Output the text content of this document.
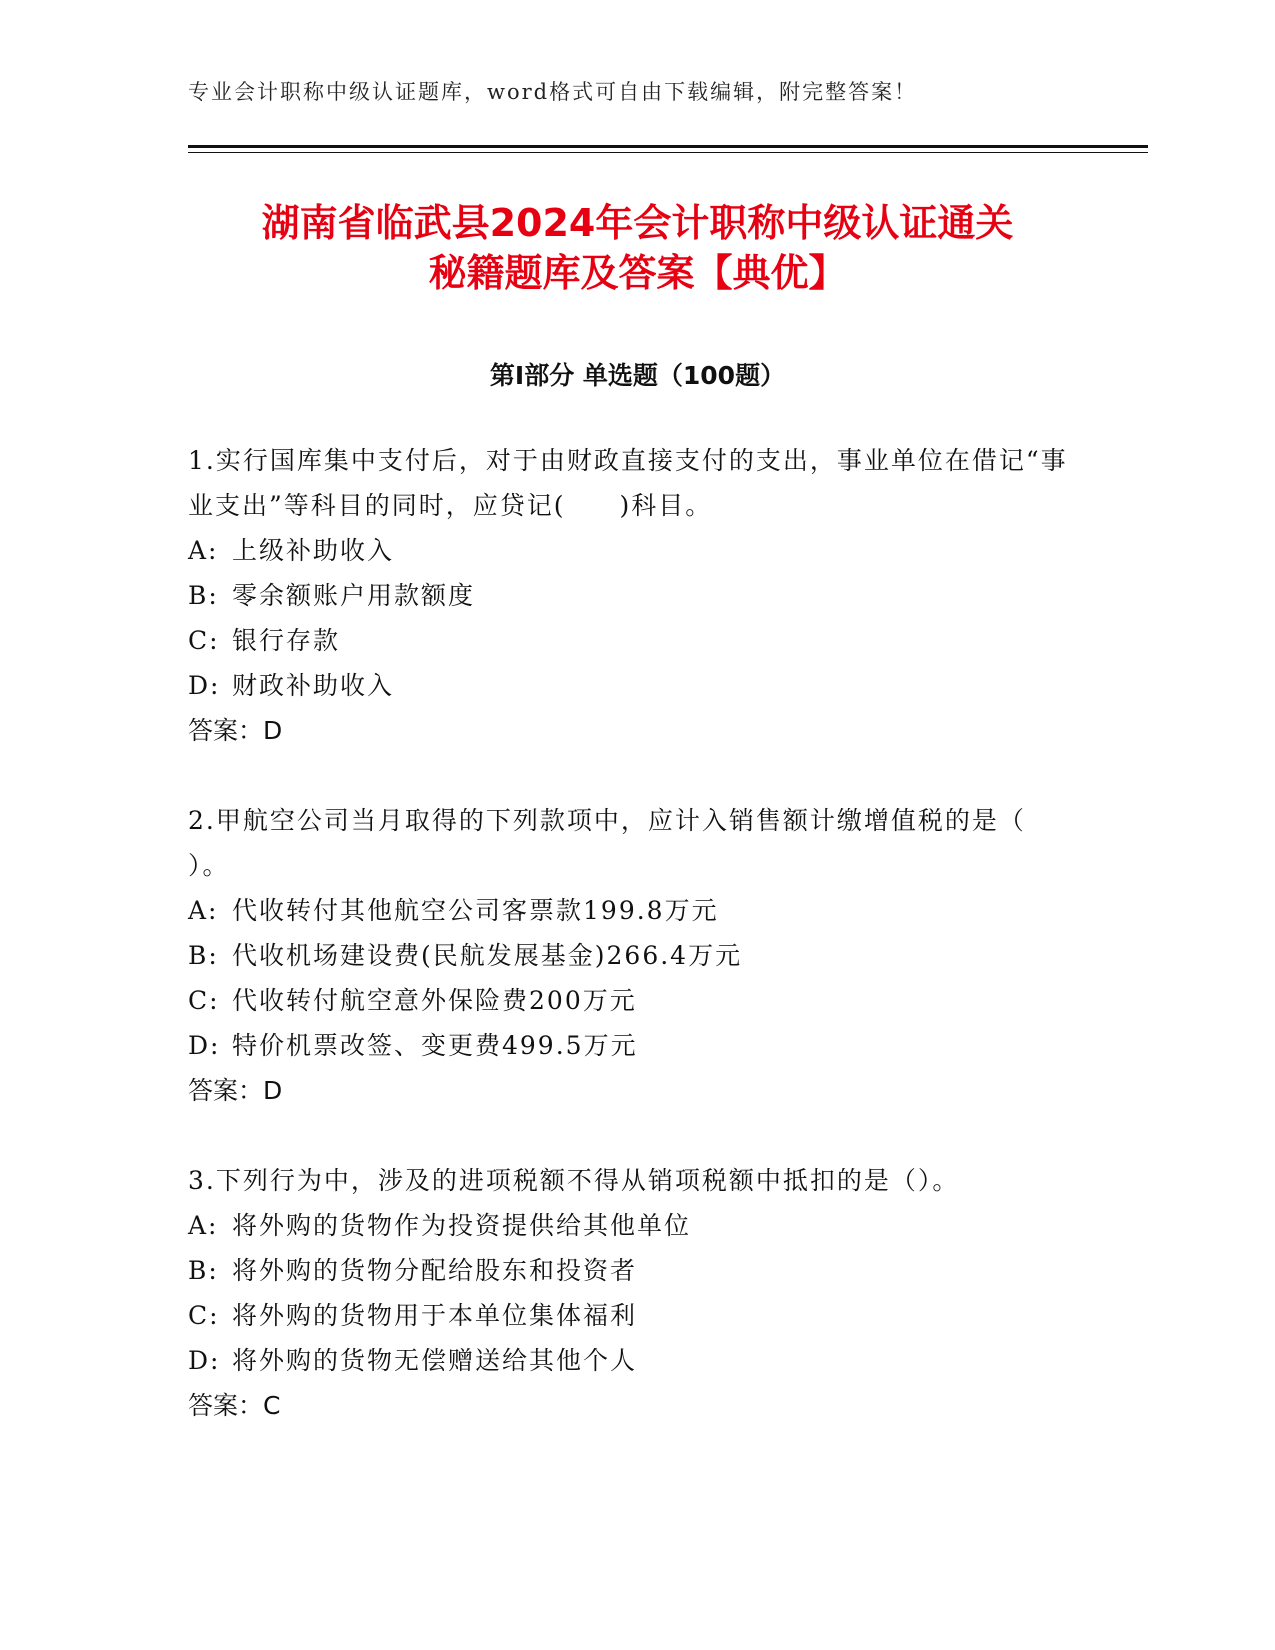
专业会计职称中级认证题库，word格式可自由下载编辑，附完整答案！
湖南省临武县2024年会计职称中级认证通关
秘籍题库及答案【典优】
第Ⅰ部分 单选题（100题）

1.实行国库集中支付后，对于由财政直接支付的支出，事业单位在借记“事业支出”等科目的同时，应贷记(　　)科目。

A: 上级补助收入
B: 零余额账户用款额度
C: 银行存款
D: 财政补助收入
答案：D

2.甲航空公司当月取得的下列款项中，应计入销售额计缴增值税的是（ ）。

A: 代收转付其他航空公司客票款199.8万元
B: 代收机场建设费(民航发展基金)266.4万元
C: 代收转付航空意外保险费200万元
D: 特价机票改签、变更费499.5万元
答案：D

3.下列行为中，涉及的进项税额不得从销项税额中抵扣的是（）。

A: 将外购的货物作为投资提供给其他单位
B: 将外购的货物分配给股东和投资者
C: 将外购的货物用于本单位集体福利
D: 将外购的货物无偿赠送给其他个人
答案：C
